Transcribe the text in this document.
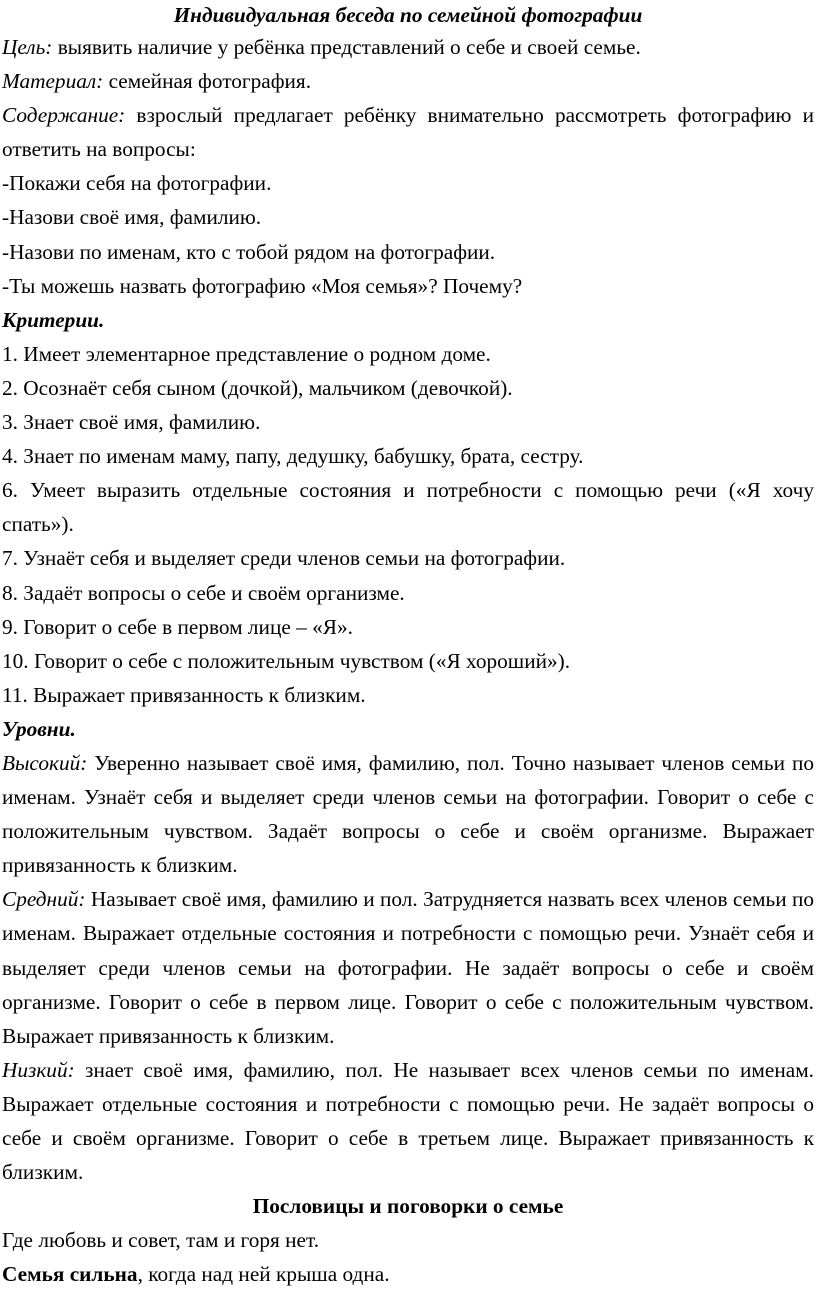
Индивидуальная беседа по семейной фотографии

Цель: выявить наличие у ребёнка представлений о себе и своей семье.

Материал: семейная фотография.

Содержание: взрослый предлагает ребёнку внимательно рассмотреть фотографию и ответить на вопросы:

-Покажи себя на фотографии.
-Назови своё имя, фамилию.
-Назови по именам, кто с тобой рядом на фотографии.
-Ты можешь назвать фотографию «Моя семья»? Почему?
Критерии.
1. Имеет элементарное представление о родном доме.
2. Осознаёт себя сыном (дочкой), мальчиком (девочкой).
3. Знает своё имя, фамилию.
4. Знает по именам маму, папу, дедушку, бабушку, брата, сестру.
6. Умеет выразить отдельные состояния и потребности с помощью речи («Я хочу спать»).
7. Узнаёт себя и выделяет среди членов семьи на фотографии.
8. Задаёт вопросы о себе и своём организме.
9. Говорит о себе в первом лице – «Я».
10. Говорит о себе с положительным чувством («Я хороший»).
11. Выражает привязанность к близким.
Уровни.

Высокий: Уверенно называет своё имя, фамилию, пол. Точно называет членов семьи по именам. Узнаёт себя и выделяет среди членов семьи на фотографии. Говорит о себе с положительным чувством. Задаёт вопросы о себе и своём организме. Выражает привязанность к близким.

Средний: Называет своё имя, фамилию и пол. Затрудняется назвать всех членов семьи по именам. Выражает отдельные состояния и потребности с помощью речи. Узнаёт себя и выделяет среди членов семьи на фотографии. Не задаёт вопросы о себе и своём организме. Говорит о себе в первом лице. Говорит о себе с положительным чувством. Выражает привязанность к близким.

Низкий: знает своё имя, фамилию, пол. Не называет всех членов семьи по именам. Выражает отдельные состояния и потребности с помощью речи. Не задаёт вопросы о себе и своём организме. Говорит о себе в третьем лице. Выражает привязанность к близким.

Пословицы и поговорки о семье
Где любовь и совет, там и горя нет.
Семья сильна, когда над ней крыша одна.
